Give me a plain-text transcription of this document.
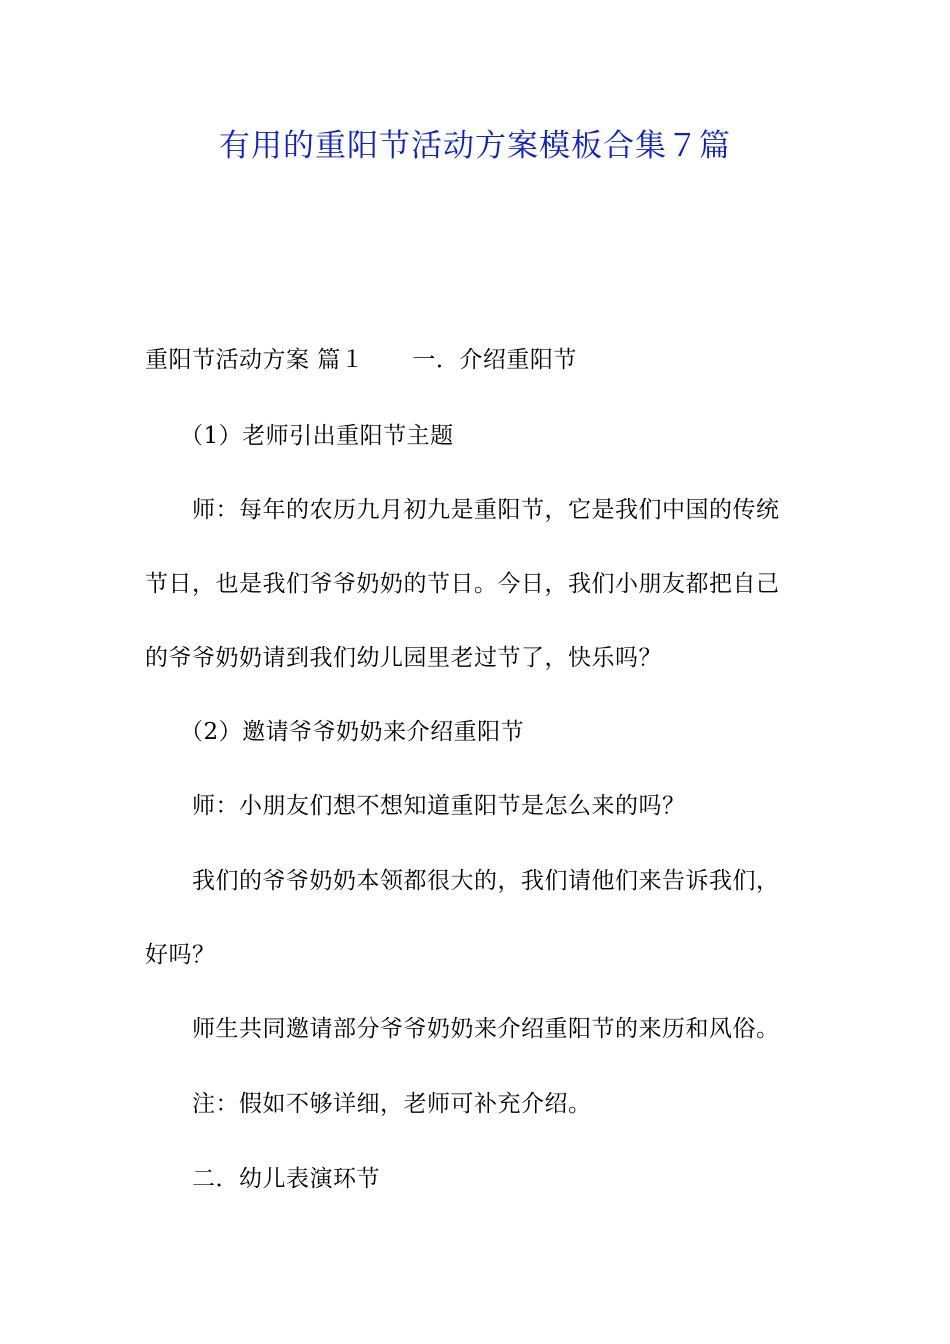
有用的重阳节活动方案模板合集７篇
重阳节活动方案 篇１ 一．介绍重阳节
（1）老师引出重阳节主题
师：每年的农历九月初九是重阳节，它是我们中国的传统
节日，也是我们爷爷奶奶的节日。今日，我们小朋友都把自己
的爷爷奶奶请到我们幼儿园里老过节了，快乐吗？
（2）邀请爷爷奶奶来介绍重阳节
师：小朋友们想不想知道重阳节是怎么来的吗？
我们的爷爷奶奶本领都很大的，我们请他们来告诉我们，
好吗？
师生共同邀请部分爷爷奶奶来介绍重阳节的来历和风俗。
注：假如不够详细，老师可补充介绍。
二．幼儿表演环节
